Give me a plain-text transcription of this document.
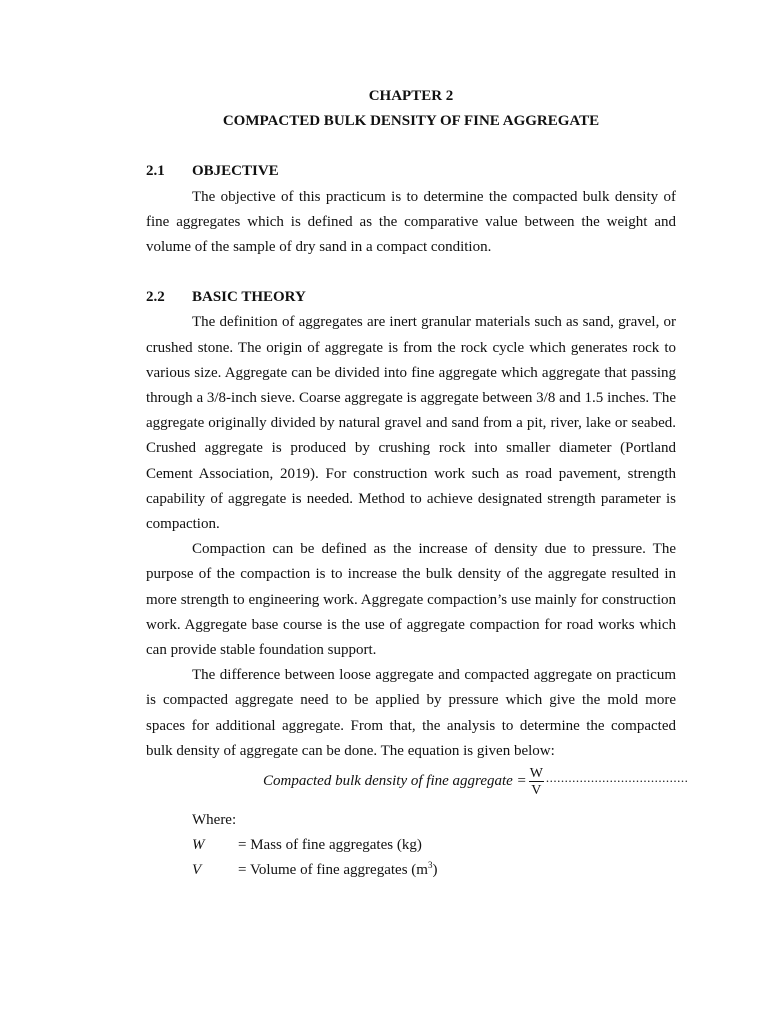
CHAPTER 2
COMPACTED BULK DENSITY OF FINE AGGREGATE
2.1	OBJECTIVE

The objective of this practicum is to determine the compacted bulk density of fine aggregates which is defined as the comparative value between the weight and volume of the sample of dry sand in a compact condition.

2.2	BASIC THEORY

The definition of aggregates are inert granular materials such as sand, gravel, or crushed stone. The origin of aggregate is from the rock cycle which generates rock to various size. Aggregate can be divided into fine aggregate which aggregate that passing through a 3/8-inch sieve. Coarse aggregate is aggregate between 3/8 and 1.5 inches. The aggregate originally divided by natural gravel and sand from a pit, river, lake or seabed. Crushed aggregate is produced by crushing rock into smaller diameter (Portland Cement Association, 2019). For construction work such as road pavement, strength capability of aggregate is needed. Method to achieve designated strength parameter is compaction.

Compaction can be defined as the increase of density due to pressure. The purpose of the compaction is to increase the bulk density of the aggregate resulted in more strength to engineering work. Aggregate compaction’s use mainly for construction work. Aggregate base course is the use of aggregate compaction for road works which can provide stable foundation support.

The difference between loose aggregate and compacted aggregate on practicum is compacted aggregate need to be applied by pressure which give the mold more spaces for additional aggregate. From that, the analysis to determine the compacted bulk density of aggregate can be done. The equation is given below:

Compacted bulk density of fine aggregate = $\frac{W}{V}$ ......................................
Where:
W	= Mass of fine aggregates (kg)
V	= Volume of fine aggregates $(m^3)$
